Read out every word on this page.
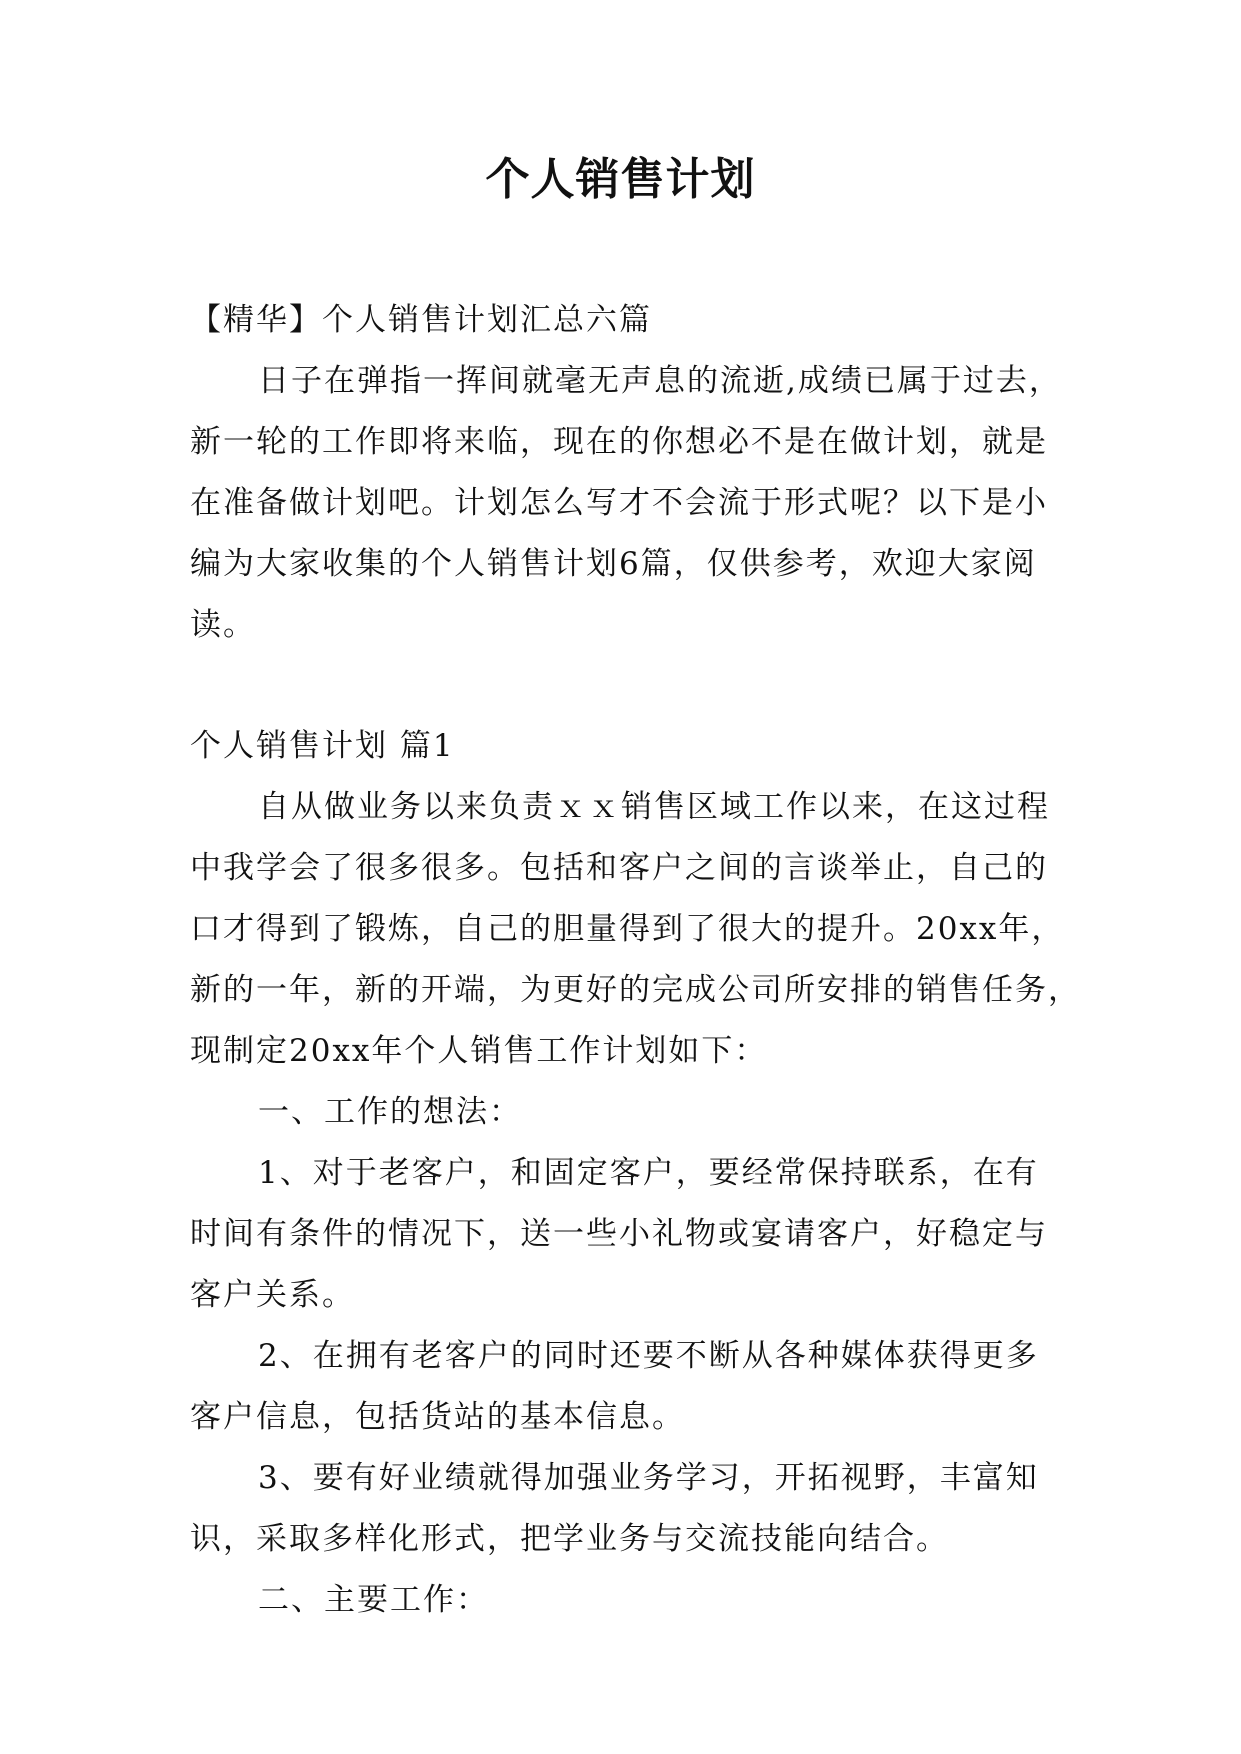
个人销售计划

【精华】个人销售计划汇总六篇

日子在弹指一挥间就毫无声息的流逝,成绩已属于过去，

新一轮的工作即将来临，现在的你想必不是在做计划，就是

在准备做计划吧。计划怎么写才不会流于形式呢？以下是小

编为大家收集的个人销售计划6篇，仅供参考，欢迎大家阅

读。

个人销售计划 篇1

自从做业务以来负责ｘｘ销售区域工作以来，在这过程

中我学会了很多很多。包括和客户之间的言谈举止，自己的

口才得到了锻炼，自己的胆量得到了很大的提升。20xx年，

新的一年，新的开端，为更好的完成公司所安排的销售任务，

现制定20xx年个人销售工作计划如下：

一、工作的想法：

1、对于老客户，和固定客户，要经常保持联系，在有

时间有条件的情况下，送一些小礼物或宴请客户，好稳定与

客户关系。

2、在拥有老客户的同时还要不断从各种媒体获得更多

客户信息，包括货站的基本信息。

3、要有好业绩就得加强业务学习，开拓视野，丰富知

识，采取多样化形式，把学业务与交流技能向结合。

二、主要工作：
